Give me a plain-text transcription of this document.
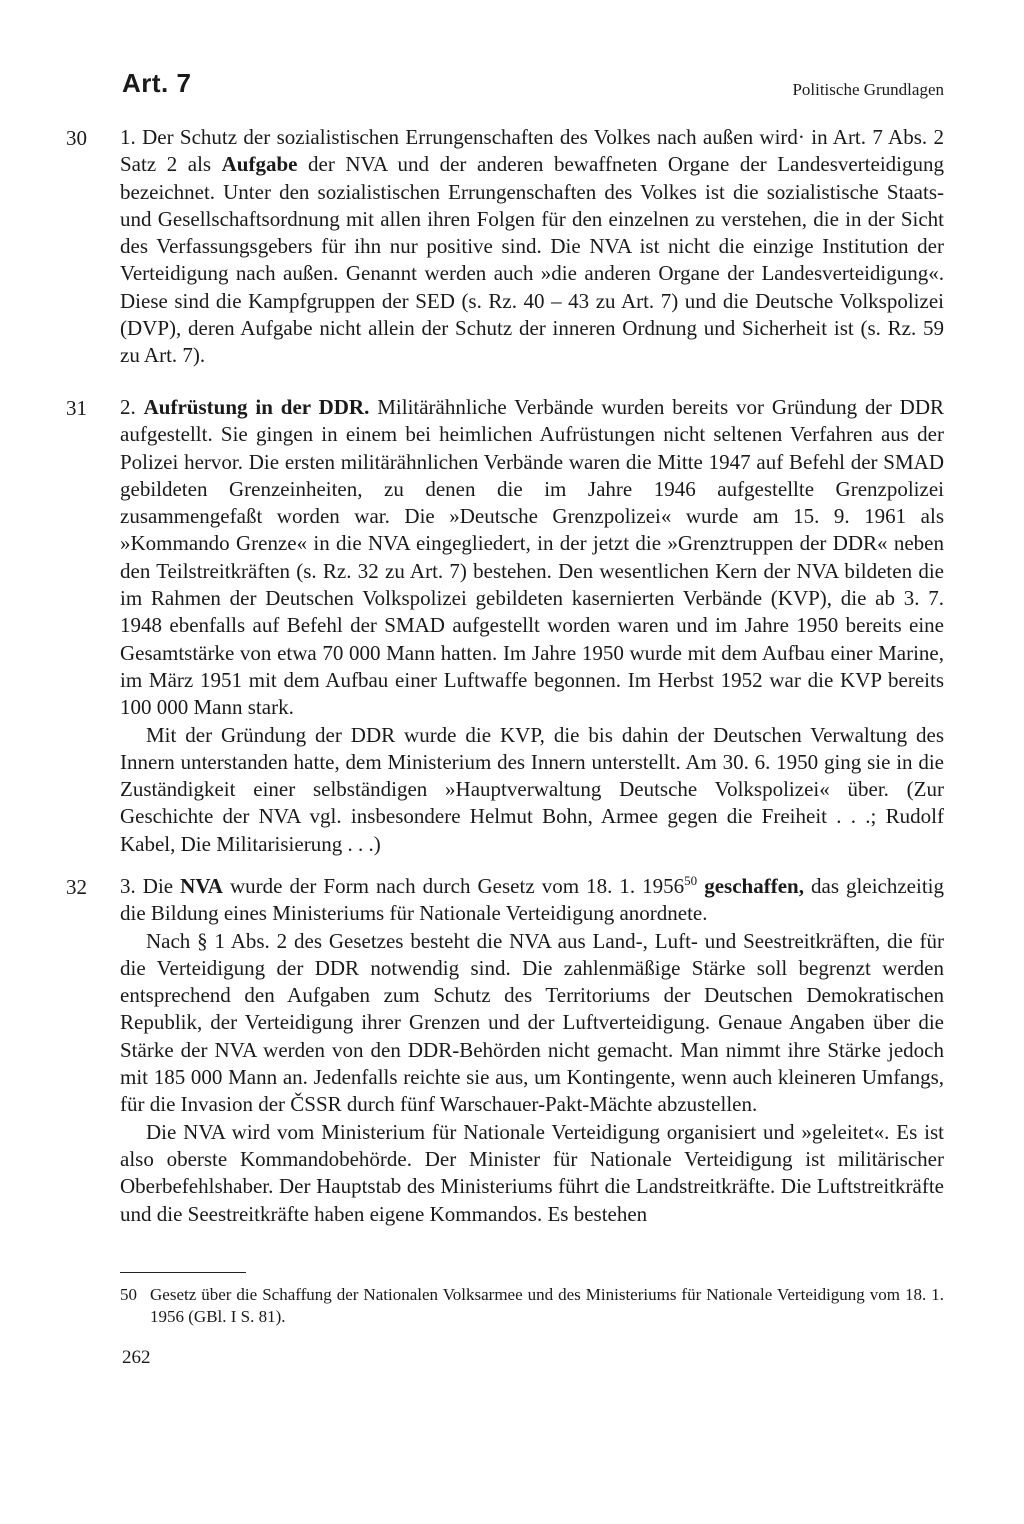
Art. 7	Politische Grundlagen
30 1. Der Schutz der sozialistischen Errungenschaften des Volkes nach außen wird· in Art. 7 Abs. 2 Satz 2 als Aufgabe der NVA und der anderen bewaffneten Organe der Landesverteidigung bezeichnet. Unter den sozialistischen Errungenschaften des Volkes ist die sozialistische Staats- und Gesellschaftsordnung mit allen ihren Folgen für den einzelnen zu verstehen, die in der Sicht des Verfassungsgebers für ihn nur positive sind. Die NVA ist nicht die einzige Institution der Verteidigung nach außen. Genannt werden auch »die anderen Organe der Landesverteidigung«. Diese sind die Kampfgruppen der SED (s. Rz. 40 – 43 zu Art. 7) und die Deutsche Volkspolizei (DVP), deren Aufgabe nicht allein der Schutz der inneren Ordnung und Sicherheit ist (s. Rz. 59 zu Art. 7).

31 2. Aufrüstung in der DDR. Militärähnliche Verbände wurden bereits vor Gründung der DDR aufgestellt. Sie gingen in einem bei heimlichen Aufrüstungen nicht seltenen Verfahren aus der Polizei hervor. Die ersten militärähnlichen Verbände waren die Mitte 1947 auf Befehl der SMAD gebildeten Grenzeinheiten, zu denen die im Jahre 1946 aufgestellte Grenzpolizei zusammengefaßt worden war. Die »Deutsche Grenzpolizei« wurde am 15. 9. 1961 als »Kommando Grenze« in die NVA eingegliedert, in der jetzt die »Grenztruppen der DDR« neben den Teilstreitkräften (s. Rz. 32 zu Art. 7) bestehen. Den wesentlichen Kern der NVA bildeten die im Rahmen der Deutschen Volkspolizei gebildeten kasernierten Verbände (KVP), die ab 3. 7. 1948 ebenfalls auf Befehl der SMAD aufgestellt worden waren und im Jahre 1950 bereits eine Gesamtstärke von etwa 70 000 Mann hatten. Im Jahre 1950 wurde mit dem Aufbau einer Marine, im März 1951 mit dem Aufbau einer Luftwaffe begonnen. Im Herbst 1952 war die KVP bereits 100 000 Mann stark.

Mit der Gründung der DDR wurde die KVP, die bis dahin der Deutschen Verwaltung des Innern unterstanden hatte, dem Ministerium des Innern unterstellt. Am 30. 6. 1950 ging sie in die Zuständigkeit einer selbständigen »Hauptverwaltung Deutsche Volkspolizei« über. (Zur Geschichte der NVA vgl. insbesondere Helmut Bohn, Armee gegen die Freiheit . . .; Rudolf Kabel, Die Militarisierung . . .)

32 3. Die NVA wurde der Form nach durch Gesetz vom 18. 1. 1956$^{50}$ geschaffen, das gleichzeitig die Bildung eines Ministeriums für Nationale Verteidigung anordnete.

Nach § 1 Abs. 2 des Gesetzes besteht die NVA aus Land-, Luft- und Seestreitkräften, die für die Verteidigung der DDR notwendig sind. Die zahlenmäßige Stärke soll begrenzt werden entsprechend den Aufgaben zum Schutz des Territoriums der Deutschen Demokratischen Republik, der Verteidigung ihrer Grenzen und der Luftverteidigung. Genaue Angaben über die Stärke der NVA werden von den DDR-Behörden nicht gemacht. Man nimmt ihre Stärke jedoch mit 185 000 Mann an. Jedenfalls reichte sie aus, um Kontingente, wenn auch kleineren Umfangs, für die Invasion der ČSSR durch fünf Warschauer-Pakt-Mächte abzustellen.

Die NVA wird vom Ministerium für Nationale Verteidigung organisiert und »geleitet«. Es ist also oberste Kommandobehörde. Der Minister für Nationale Verteidigung ist militärischer Oberbefehlshaber. Der Hauptstab des Ministeriums führt die Landstreitkräfte. Die Luftstreitkräfte und die Seestreitkräfte haben eigene Kommandos. Es bestehen

50 Gesetz über die Schaffung der Nationalen Volksarmee und des Ministeriums für Nationale Verteidigung vom 18. 1. 1956 (GBl. I S. 81).
262
